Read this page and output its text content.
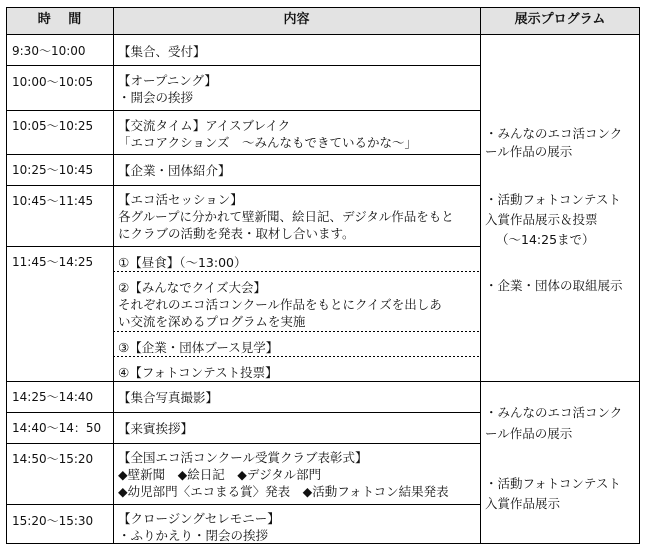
時　 間	内容	展示プログラム
9:30～10:00	【集合、受付】
10:00～10:05 【オープニング】
・開会の挨拶
10:05～10:25 【交流タイム】アイスブレイク
「エコアクションズ　～みんなもできているかな～」
10:25～10:45 【企業・団体紹介】
10:45～11:45 【エコ活セッション】
各グループに分かれて壁新聞、絵日記、デジタル作品をもと
にクラブの活動を発表・取材し合います。
11:45～14:25 ①【昼食】（～13:00）
②【みんなでクイズ大会】
それぞれのエコ活コンクール作品をもとにクイズを出しあ
い交流を深めるプログラムを実施
③【企業・団体ブース見学】
④【フォトコンテスト投票】
14:25～14:40 【集合写真撮影】
14:40～14：50 【来賓挨拶】
14:50～15:20 【全国エコ活コンクール受賞クラブ表彰式】
◆壁新聞　◆絵日記　◆デジタル部門
◆幼児部門〈エコまる賞〉発表　◆活動フォトコン結果発表
15:20～15:30 【クロージングセレモニー】
・ふりかえり・閉会の挨拶
・みんなのエコ活コンク
ール作品の展示
・活動フォトコンテスト
入賞作品展示＆投票
（～14:25まで）
・企業・団体の取組展示
・みんなのエコ活コンク
ール作品の展示
・活動フォトコンテスト
入賞作品展示
